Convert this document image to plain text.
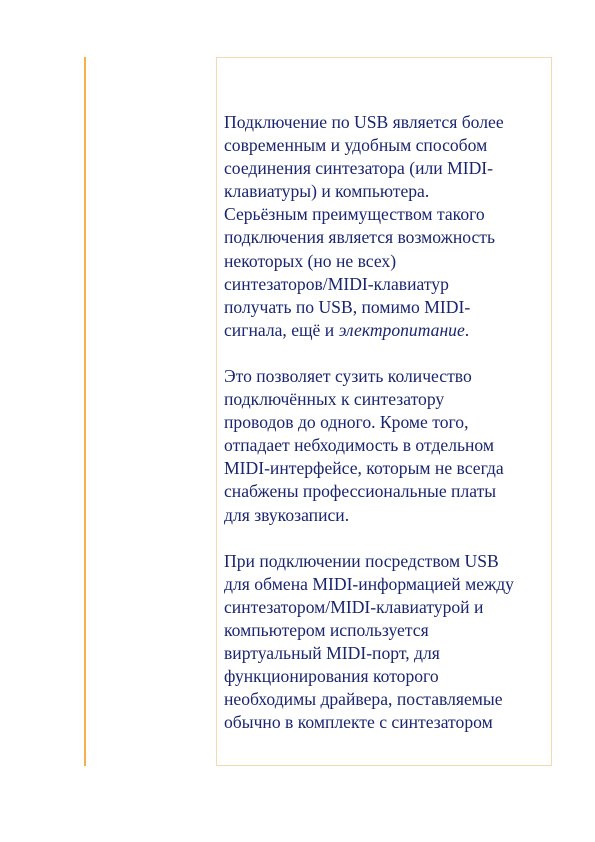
Подключение по USB является более
современным и удобным способом
соединения синтезатора (или MIDI-
клавиатуры) и компьютера.
Серьёзным преимуществом такого
подключения является возможность
некоторых (но не всех)
синтезаторов/MIDI-клавиатур
получать по USB, помимо MIDI-
сигнала, ещё и электропитание.

Это позволяет сузить количество
подключённых к синтезатору
проводов до одного. Кроме того,
отпадает небходимость в отдельном
MIDI-интерфейсе, которым не всегда
снабжены профессиональные платы
для звукозаписи.

При подключении посредством USB
для обмена MIDI-информацией между
синтезатором/MIDI-клавиатурой и
компьютером используется
виртуальный MIDI-порт, для
функционирования которого
необходимы драйвера, поставляемые
обычно в комплекте с синтезатором
